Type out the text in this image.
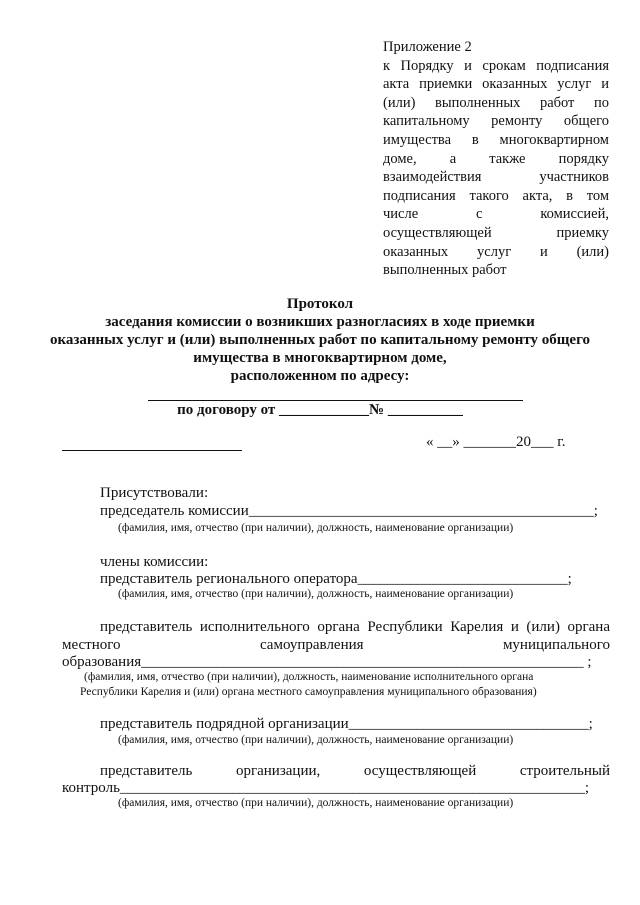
Приложение 2
к Порядку и срокам подписания
акта приемки оказанных услуг и
(или) выполненных работ по
капитальному ремонту общего
имущества в многоквартирном
доме, а также порядку
взаимодействия участников
подписания такого акта, в том
числе с комиссией,
осуществляющей приемку
оказанных услуг и (или)
выполненных работ
Протокол
заседания комиссии о возникших разногласиях в ходе приемки
оказанных услуг и (или) выполненных работ по капитальному ремонту общего
имущества в многоквартирном доме,
расположенном по адресу:
по договору от ____________№ __________
« __» _______20___ г.
Присутствовали:
председатель комиссии______________________________________________;
(фамилия, имя, отчество (при наличии), должность, наименование организации)
члены комиссии:
представитель регионального оператора____________________________;
(фамилия, имя, отчество (при наличии), должность, наименование организации)
представитель исполнительного органа Республики Карелия и (или) органа
местного самоуправления муниципального
образования___________________________________________________________ ;
(фамилия, имя, отчество (при наличии), должность, наименование исполнительного органа
Республики Карелия и (или) органа местного самоуправления муниципального образования)
представитель подрядной организации________________________________;
(фамилия, имя, отчество (при наличии), должность, наименование организации)
представитель организации, осуществляющей строительный
контроль______________________________________________________________;
(фамилия, имя, отчество (при наличии), должность, наименование организации)
